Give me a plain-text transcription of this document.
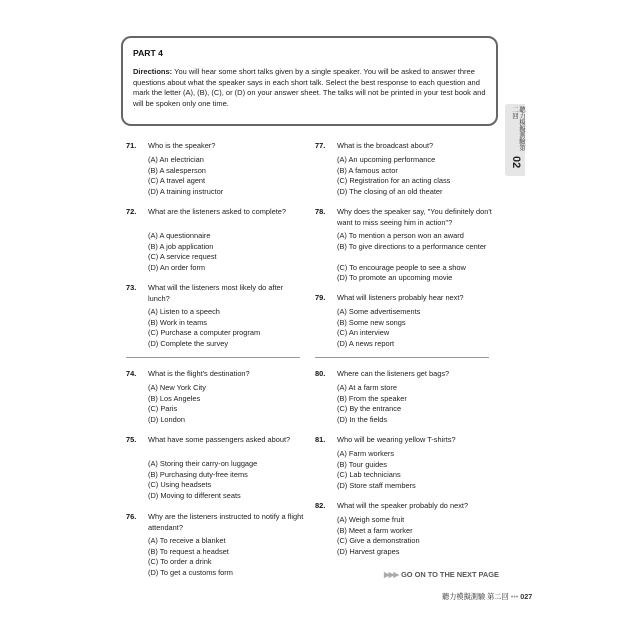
PART 4
Directions: You will hear some short talks given by a single speaker. You will be asked to answer three questions about what the speaker says in each short talk. Select the best response to each question and mark the letter (A), (B), (C), or (D) on your answer sheet. The talks will not be printed in your test book and will be spoken only one time.
聽力模擬測驗第二回
02
71. Who is the speaker?
(A) An electrician
(B) A salesperson
(C) A travel agent
(D) A training instructor
72. What are the listeners asked to complete?
(A) A questionnaire
(B) A job application
(C) A service request
(D) An order form
73. What will the listeners most likely do after lunch?
(A) Listen to a speech
(B) Work in teams
(C) Purchase a computer program
(D) Complete the survey
74. What is the flight's destination?
(A) New York City
(B) Los Angeles
(C) Paris
(D) London
75. What have some passengers asked about?
(A) Storing their carry-on luggage
(B) Purchasing duty-free items
(C) Using headsets
(D) Moving to different seats
76. Why are the listeners instructed to notify a flight attendant?
(A) To receive a blanket
(B) To request a headset
(C) To order a drink
(D) To get a customs form
77. What is the broadcast about?
(A) An upcoming performance
(B) A famous actor
(C) Registration for an acting class
(D) The closing of an old theater
78. Why does the speaker say, "You definitely don't want to miss seeing him in action"?
(A) To mention a person won an award
(B) To give directions to a performance center
(C) To encourage people to see a show
(D) To promote an upcoming movie
79. What will listeners probably hear next?
(A) Some advertisements
(B) Some new songs
(C) An interview
(D) A news report
80. Where can the listeners get bags?
(A) At a farm store
(B) From the speaker
(C) By the entrance
(D) In the fields
81. Who will be wearing yellow T-shirts?
(A) Farm workers
(B) Tour guides
(C) Lab technicians
(D) Store staff members
82. What will the speaker probably do next?
(A) Weigh some fruit
(B) Meet a farm worker
(C) Give a demonstration
(D) Harvest grapes
▶▶▶ GO ON TO THE NEXT PAGE
聽力模擬測驗 第二回 ••• 027
